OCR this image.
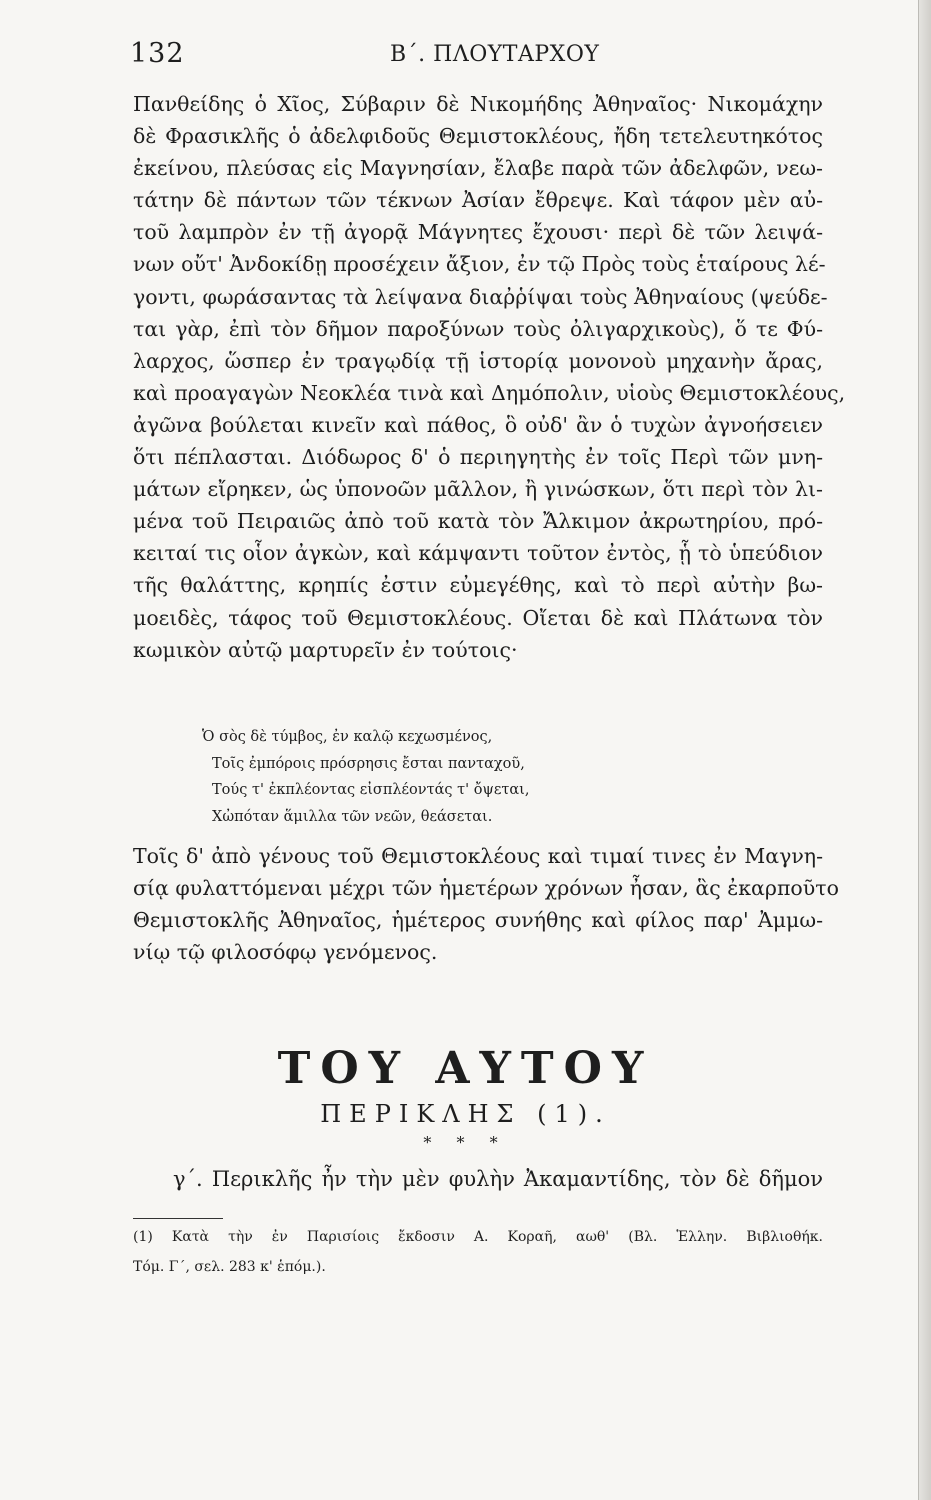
132	Β΄. ΠΛΟΥΤΑΡΧΟΥ
Πανθείδης ὁ Χῖος, Σύβαριν δὲ Νικομήδης Ἀθηναῖος· Νικομάχην
δὲ Φρασικλῆς ὁ ἀδελφιδοῦς Θεμιστοκλέους, ἤδη τετελευτηκότος
ἐκείνου, πλεύσας εἰς Μαγνησίαν, ἔλαβε παρὰ τῶν ἀδελφῶν, νεω-
τάτην δὲ πάντων τῶν τέκνων Ἀσίαν ἔθρεψε. Καὶ τάφον μὲν αὐ-
τοῦ λαμπρὸν ἐν τῇ ἀγορᾷ Μάγνητες ἔχουσι· περὶ δὲ τῶν λειψά-
νων οὔτ' Ἀνδοκίδῃ προσέχειν ἄξιον, ἐν τῷ Πρὸς τοὺς ἑταίρους λέ-
γοντι, φωράσαντας τὰ λείψανα διαῤῥίψαι τοὺς Ἀθηναίους (ψεύδε-
ται γὰρ, ἐπὶ τὸν δῆμον παροξύνων τοὺς ὀλιγαρχικοὺς), ὅ τε Φύ-
λαρχος, ὥσπερ ἐν τραγῳδίᾳ τῇ ἱστορίᾳ μονονοὺ μηχανὴν ἄρας,
καὶ προαγαγὼν Νεοκλέα τινὰ καὶ Δημόπολιν, υἱοὺς Θεμιστοκλέους,
ἀγῶνα βούλεται κινεῖν καὶ πάθος, ὃ οὐδ' ἂν ὁ τυχὼν ἀγνοήσειεν
ὅτι πέπλασται. Διόδωρος δ' ὁ περιηγητὴς ἐν τοῖς Περὶ τῶν μνη-
μάτων εἴρηκεν, ὡς ὑπονοῶν μᾶλλον, ἢ γινώσκων, ὅτι περὶ τὸν λι-
μένα τοῦ Πειραιῶς ἀπὸ τοῦ κατὰ τὸν Ἄλκιμον ἀκρωτηρίου, πρό-
κειταί τις οἷον ἀγκὼν, καὶ κάμψαντι τοῦτον ἐντὸς, ᾗ τὸ ὑπεύδιον
τῆς θαλάττης, κρηπίς ἐστιν εὐμεγέθης, καὶ τὸ περὶ αὐτὴν βω-
μοειδὲς, τάφος τοῦ Θεμιστοκλέους. Οἴεται δὲ καὶ Πλάτωνα τὸν
κωμικὸν αὐτῷ μαρτυρεῖν ἐν τούτοις·
Ὁ σὸς δὲ τύμβος, ἐν καλῷ κεχωσμένος,
Τοῖς ἐμπόροις πρόσρησις ἔσται πανταχοῦ,
Τούς τ' ἐκπλέοντας εἰσπλέοντάς τ' ὄψεται,
Χὠπόταν ἅμιλλα τῶν νεῶν, θεάσεται.
Τοῖς δ' ἀπὸ γένους τοῦ Θεμιστοκλέους καὶ τιμαί τινες ἐν Μαγνη-
σίᾳ φυλαττόμεναι μέχρι τῶν ἡμετέρων χρόνων ἦσαν, ἃς ἐκαρποῦτο
Θεμιστοκλῆς Ἀθηναῖος, ἡμέτερος συνήθης καὶ φίλος παρ' Ἀμμω-
νίῳ τῷ φιλοσόφῳ γενόμενος.
ΤΟΥ ΑΥΤΟΥ
ΠΕΡΙΚΛΗΣ (1).
* * *
γ΄. Περικλῆς ἦν τὴν μὲν φυλὴν Ἀκαμαντίδης, τὸν δὲ δῆμον
(1) Κατὰ τὴν ἐν Παρισίοις ἔκδοσιν Α. Κοραῆ, αωθ' (Βλ. Ἑλλην. Βιβλιοθήκ.
Τόμ. Γ΄, σελ. 283 κ' ἑπόμ.).
